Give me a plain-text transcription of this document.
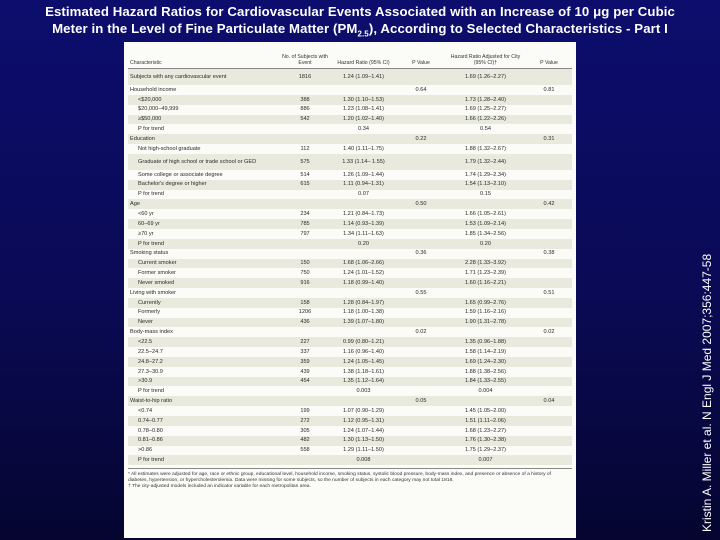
Estimated Hazard Ratios for Cardiovascular Events Associated with an Increase of 10 μg per Cubic
Meter in the Level of Fine Particulate Matter $(PM_{2.5})$, According to Selected Characteristics - Part I
Characteristic	No. of Subjects with Event	Hazard Ratio (95% CI)	P Value	Hazard Ratio Adjusted for City (95% CI)†	P Value
Subjects with any cardiovascular event	1816	1.24 (1.09–1.41)		1.69 (1.26–2.27)	
Household income			0.64		0.81
<$20,000	388	1.30 (1.10–1.53)		1.73 (1.28–2.40)	
$20,000–49,999	886	1.23 (1.08–1.41)		1.69 (1.25–2.27)	
≥$50,000	542	1.20 (1.02–1.40)		1.66 (1.22–2.26)	
P for trend		0.34		0.54	
Education			0.22		0.31
Not high-school graduate	112	1.40 (1.11–1.75)		1.88 (1.32–2.67)	
Graduate of high school or trade school or GED	575	1.33 (1.14– 1.55)		1.79 (1.32–2.44)	
Some college or associate degree	514	1.26 (1.09–1.44)		1.74 (1.29–2.34)	
Bachelor's degree or higher	615	1.11 (0.94–1.31)		1.54 (1.13–2.10)	
P for trend		0.07		0.15	
Age			0.50		0.42
<60 yr	234	1.21 (0.84–1.73)		1.66 (1.05–2.61)	
60–69 yr	785	1.14 (0.93–1.39)		1.53 (1.09–2.14)	
≥70 yr	797	1.34 (1.11–1.63)		1.85 (1.34–2.56)	
P for trend		0.20		0.20	
Smoking status			0.36		0.38
Current smoker	150	1.68 (1.06–2.66)		2.28 (1.33–3.92)	
Former smoker	750	1.24 (1.01–1.52)		1.71 (1.23–2.39)	
Never smoked	916	1.18 (0.99–1.40)		1.60 (1.16–2.21)	
Living with smoker			0.55		0.51
Currently	158	1.28 (0.84–1.97)		1.65 (0.99–2.76)	
Formerly	1206	1.18 (1.00–1.38)		1.59 (1.16–2.16)	
Never	436	1.39 (1.07–1.80)		1.90 (1.31–2.78)	
Body-mass index			0.02		0.02
<22.5	227	0.99 (0.80–1.21)		1.35 (0.96–1.88)	
22.5–24.7	337	1.16 (0.96–1.40)		1.58 (1.14–2.19)	
24.8–27.2	359	1.24 (1.05–1.45)		1.69 (1.24–2.30)	
27.3–30.9	439	1.38 (1.18–1.61)		1.88 (1.38–2.56)	
>30.9	454	1.35 (1.12–1.64)		1.84 (1.33–2.55)	
P for trend		0.003		0.004	
Waist-to-hip ratio			0.05		0.04
<0.74	199	1.07 (0.90–1.29)		1.45 (1.05–2.00)	
0.74–0.77	272	1.12 (0.95–1.31)		1.51 (1.11–2.06)	
0.78–0.80	305	1.24 (1.07–1.44)		1.68 (1.23–2.27)	
0.81–0.86	482	1.30 (1.13–1.50)		1.76 (1.30–2.38)	
>0.86	558	1.29 (1.11–1.50)		1.75 (1.29–2.37)	
P for trend		0.008		0.007	
* All estimates were adjusted for age, race or ethnic group, educational level, household income, smoking status, systolic blood pressure, body-mass index, and presence or absence of a history of diabetes, hypertension, or hypercholesterolemia. Data were missing for some subjects, so the number of subjects in each category may not total 1816.
† The city-adjusted models included an indicator variable for each metropolitan area.	Kristin A. Miller et al. N Engl J Med 2007;356:447-58
